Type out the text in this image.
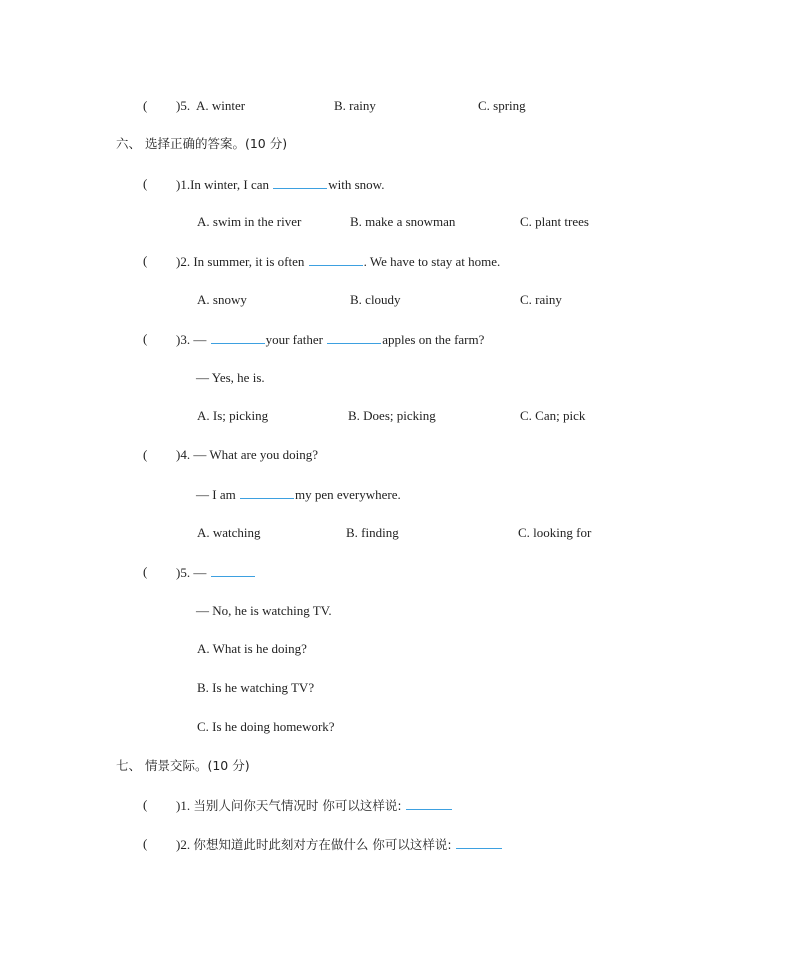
( )5. A. winter	B. rainy	C. spring
六、 选择正确的答案。(10 分)
( )1.In winter, I can	with snow.
A. swim in the river	B. make a snowman	C. plant trees
( )2. In summer, it is often	. We have to stay at home.
A. snowy	B. cloudy	C. rainy
( )3. —	your father	apples on the farm?
— Yes, he is.
A. Is; picking	B. Does; picking	C. Can; pick
( )4. — What are you doing?
— I am	my pen everywhere.
A. watching	B. finding	C. looking for
( )5. —
— No, he is watching TV.
A. What is he doing?
B. Is he watching TV?
C. Is he doing homework?
七、 情景交际。(10 分)
( )1. 当别人问你天气情况时 你可以这样说:
( )2. 你想知道此时此刻对方在做什么 你可以这样说:
